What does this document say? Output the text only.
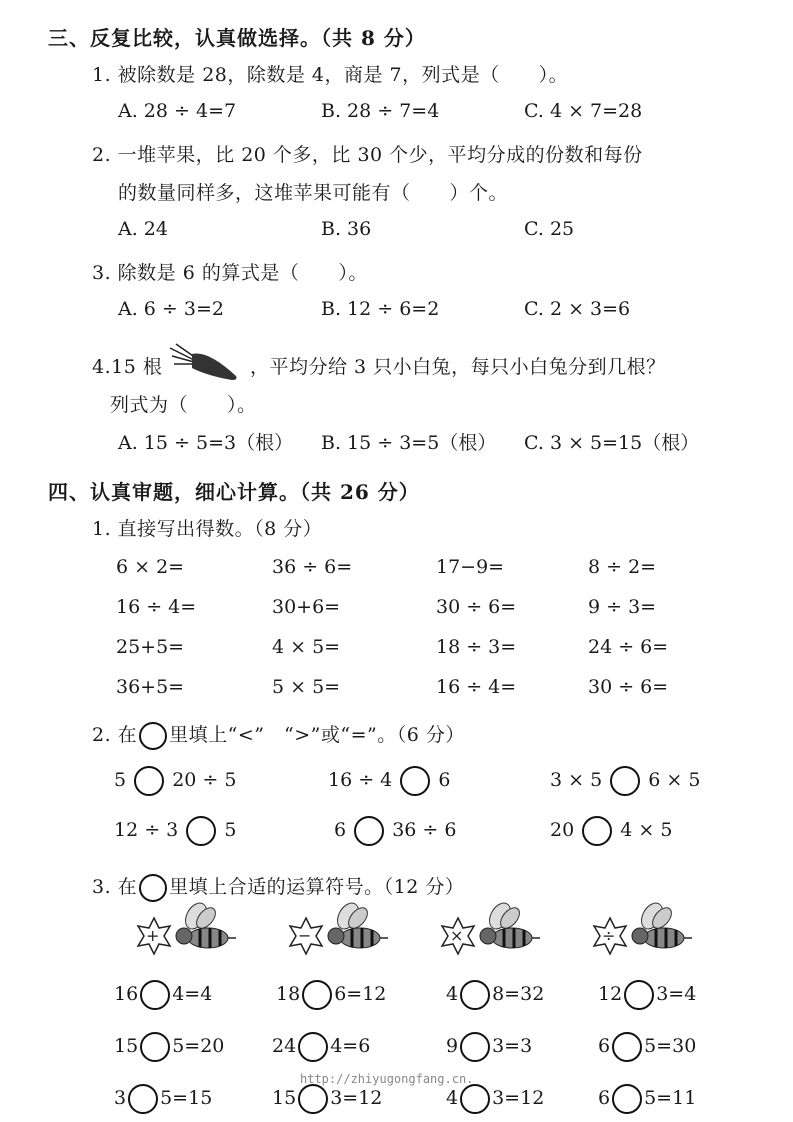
三、反复比较，认真做选择。（共 8 分）
1. 被除数是 28，除数是 4，商是 7，列式是（　　）。
A. 28 ÷ 4=7	B. 28 ÷ 7=4	C. 4 × 7=28
2. 一堆苹果，比 20 个多，比 30 个少，平均分成的份数和每份
的数量同样多，这堆苹果可能有（　　）个。
A. 24	B. 36	C. 25
3. 除数是 6 的算式是（　　）。
A. 6 ÷ 3=2	B. 12 ÷ 6=2	C. 2 × 3=6
4.15 根	，平均分给 3 只小白兔，每只小白兔分到几根？
列式为（　　）。
A. 15 ÷ 5=3（根） B. 15 ÷ 3=5（根） C. 3 × 5=15（根）
四、认真审题，细心计算。（共 26 分）
1. 直接写出得数。（8 分）
6 × 2=	36 ÷ 6=	17−9=	8 ÷ 2=
16 ÷ 4=	30+6=	30 ÷ 6=	9 ÷ 3=
25+5=	4 × 5=	18 ÷ 3=	24 ÷ 6=
36+5=	5 × 5=	16 ÷ 4=	30 ÷ 6=
2. 在 里填上“<”　“>”或“=”。（6 分）
5 20 ÷ 5	16 ÷ 4 6	3 × 5 6 × 5
12 ÷ 3 5	6 36 ÷ 6	20 4 × 5
3. 在 里填上合适的运算符号。（12 分）
+	−	×	÷
16 4=4	18 6=12	4 8=32	12 3=4
15 5=20	24 4=6	9 3=3	6 5=30
3 5=15	15 3=12	4 3=12	6 5=11
http://zhiyugongfang.cn.
